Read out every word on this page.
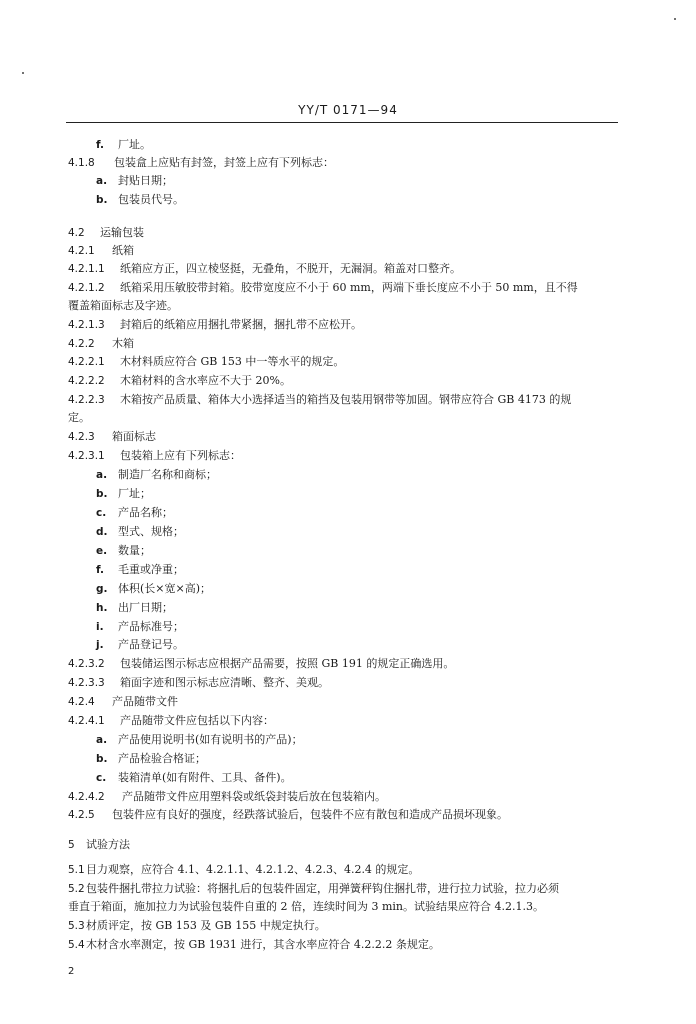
YY/T 0171—94
f. 厂址。
4.1.8 包装盒上应贴有封签，封签上应有下列标志：
a. 封贴日期；
b. 包装员代号。
4.2 运输包装
4.2.1 纸箱
4.2.1.1 纸箱应方正，四立棱竖挺，无叠角，不脱开，无漏洞。箱盖对口整齐。
4.2.1.2 纸箱采用压敏胶带封箱。胶带宽度应不小于 60 mm，两端下垂长度应不小于 50 mm，且不得
覆盖箱面标志及字迹。
4.2.1.3 封箱后的纸箱应用捆扎带紧捆，捆扎带不应松开。
4.2.2 木箱
4.2.2.1 木材料质应符合 GB 153 中一等水平的规定。
4.2.2.2 木箱材料的含水率应不大于 20%。
4.2.2.3 木箱按产品质量、箱体大小选择适当的箱挡及包装用钢带等加固。钢带应符合 GB 4173 的规
定。
4.2.3 箱面标志
4.2.3.1 包装箱上应有下列标志：
a. 制造厂名称和商标；
b. 厂址；
c. 产品名称；
d. 型式、规格；
e. 数量；
f. 毛重或净重；
g. 体积(长×宽×高)；
h. 出厂日期；
i. 产品标准号；
j. 产品登记号。
4.2.3.2 包装储运图示标志应根据产品需要，按照 GB 191 的规定正确选用。
4.2.3.3 箱面字迹和图示标志应清晰、整齐、美观。
4.2.4 产品随带文件
4.2.4.1 产品随带文件应包括以下内容：
a. 产品使用说明书(如有说明书的产品)；
b. 产品检验合格证；
c. 装箱清单(如有附件、工具、备件)。
4.2.4.2 产品随带文件应用塑料袋或纸袋封装后放在包装箱内。
4.2.5 包装件应有良好的强度，经跌落试验后，包装件不应有散包和造成产品损坏现象。
5 试验方法
5.1 目力观察，应符合 4.1、4.2.1.1、4.2.1.2、4.2.3、4.2.4 的规定。
5.2 包装件捆扎带拉力试验：将捆扎后的包装件固定，用弹簧秤钩住捆扎带，进行拉力试验，拉力必须
垂直于箱面，施加拉力为试验包装件自重的 2 倍，连续时间为 3 min。试验结果应符合 4.2.1.3。
5.3 材质评定，按 GB 153 及 GB 155 中规定执行。
5.4 木材含水率测定，按 GB 1931 进行，其含水率应符合 4.2.2.2 条规定。
2
